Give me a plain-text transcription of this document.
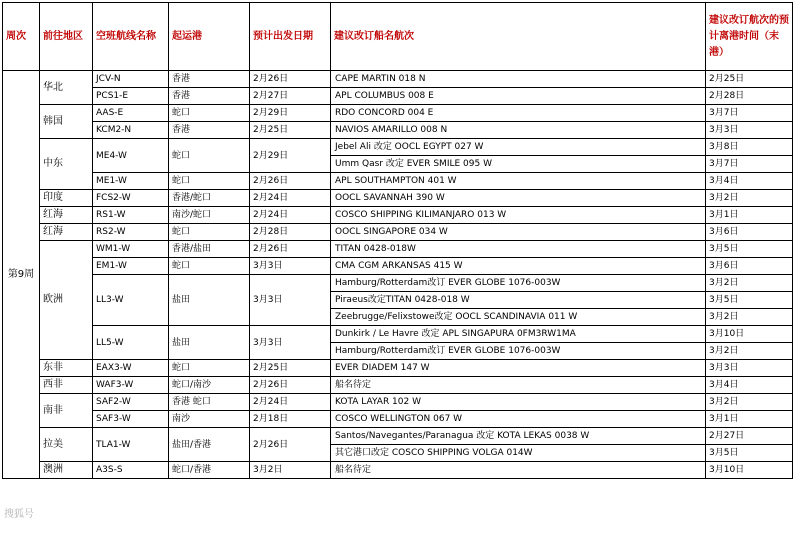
周次	前往地区	空班航线名称	起运港	预计出发日期	建议改订船名航次	建议改订航次的预计离港时间（末港）
第9周	华北	JCV-N	香港	2月26日	CAPE MARTIN 018 N	2月25日
		PCS1-E	香港	2月27日	APL COLUMBUS 008 E	2月28日
	韩国	AAS-E	蛇口	2月29日	RDO CONCORD 004 E	3月7日
		KCM2-N	香港	2月25日	NAVIOS AMARILLO 008 N	3月3日
	中东	ME4-W	蛇口	2月29日	Jebel Ali 改定 OOCL EGYPT 027 W	3月8日
					Umm Qasr 改定 EVER SMILE 095 W	3月7日
		ME1-W	蛇口	2月26日	APL SOUTHAMPTON 401 W	3月4日
	印度	FCS2-W	香港/蛇口	2月24日	OOCL SAVANNAH 390 W	3月2日
	红海	RS1-W	南沙/蛇口	2月24日	COSCO SHIPPING KILIMANJARO 013 W	3月1日
	红海	RS2-W	蛇口	2月28日	OOCL SINGAPORE 034 W	3月6日
	欧洲	WM1-W	香港/盐田	2月26日	TITAN 0428-018W	3月5日
		EM1-W	蛇口	3月3日	CMA CGM ARKANSAS 415 W	3月6日
		LL3-W	盐田	3月3日	Hamburg/Rotterdam改订 EVER GLOBE 1076-003W	3月2日
					Piraeus改定TITAN 0428-018 W	3月5日
					Zeebrugge/Felixstowe改定 OOCL SCANDINAVIA 011 W	3月2日
		LL5-W	盐田	3月3日	Dunkirk / Le Havre 改定 APL SINGAPURA 0FM3RW1MA	3月10日
					Hamburg/Rotterdam改订 EVER GLOBE 1076-003W	3月2日
	东非	EAX3-W	蛇口	2月25日	EVER DIADEM 147 W	3月3日
	西非	WAF3-W	蛇口/南沙	2月26日	船名待定	3月4日
	南非	SAF2-W	香港 蛇口	2月24日	KOTA LAYAR 102 W	3月2日
		SAF3-W	南沙	2月18日	COSCO WELLINGTON 067 W	3月1日
	拉美	TLA1-W	盐田/香港	2月26日	Santos/Navegantes/Paranagua 改定 KOTA LEKAS 0038 W	2月27日
					其它港口改定 COSCO SHIPPING VOLGA 014W	3月5日
	澳洲	A3S-S	蛇口/香港	3月2日	船名待定	3月10日
搜狐号
